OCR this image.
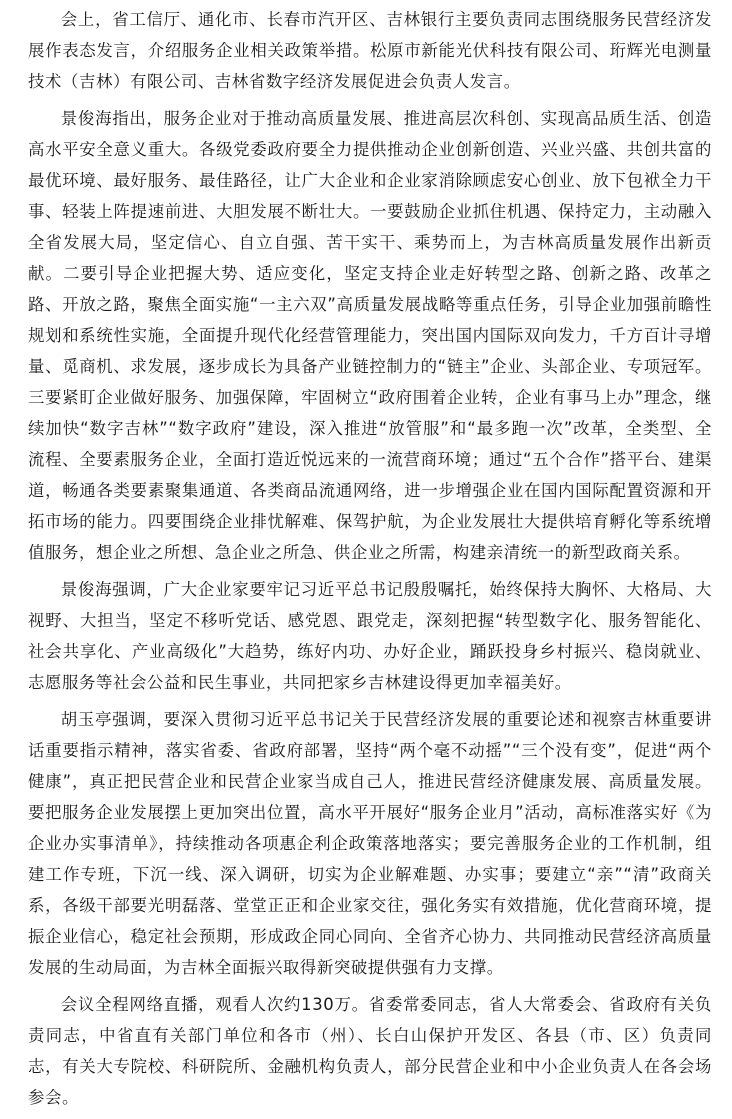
会上，省工信厅、通化市、长春市汽开区、吉林银行主要负责同志围绕服务民营经济发展作表态发言，介绍服务企业相关政策举措。松原市新能光伏科技有限公司、珩辉光电测量技术（吉林）有限公司、吉林省数字经济发展促进会负责人发言。

景俊海指出，服务企业对于推动高质量发展、推进高层次科创、实现高品质生活、创造高水平安全意义重大。各级党委政府要全力提供推动企业创新创造、兴业兴盛、共创共富的最优环境、最好服务、最佳路径，让广大企业和企业家消除顾虑安心创业、放下包袱全力干事、轻装上阵提速前进、大胆发展不断壮大。一要鼓励企业抓住机遇、保持定力，主动融入全省发展大局，坚定信心、自立自强、苦干实干、乘势而上，为吉林高质量发展作出新贡献。二要引导企业把握大势、适应变化，坚定支持企业走好转型之路、创新之路、改革之路、开放之路，聚焦全面实施“一主六双”高质量发展战略等重点任务，引导企业加强前瞻性规划和系统性实施，全面提升现代化经营管理能力，突出国内国际双向发力，千方百计寻增量、觅商机、求发展，逐步成长为具备产业链控制力的“链主”企业、头部企业、专项冠军。三要紧盯企业做好服务、加强保障，牢固树立“政府围着企业转，企业有事马上办”理念，继续加快“数字吉林”“数字政府”建设，深入推进“放管服”和“最多跑一次”改革，全类型、全流程、全要素服务企业，全面打造近悦远来的一流营商环境；通过“五个合作”搭平台、建渠道，畅通各类要素聚集通道、各类商品流通网络，进一步增强企业在国内国际配置资源和开拓市场的能力。四要围绕企业排忧解难、保驾护航，为企业发展壮大提供培育孵化等系统增值服务，想企业之所想、急企业之所急、供企业之所需，构建亲清统一的新型政商关系。

景俊海强调，广大企业家要牢记习近平总书记殷殷嘱托，始终保持大胸怀、大格局、大视野、大担当，坚定不移听党话、感党恩、跟党走，深刻把握“转型数字化、服务智能化、社会共享化、产业高级化”大趋势，练好内功、办好企业，踊跃投身乡村振兴、稳岗就业、志愿服务等社会公益和民生事业，共同把家乡吉林建设得更加幸福美好。

胡玉亭强调，要深入贯彻习近平总书记关于民营经济发展的重要论述和视察吉林重要讲话重要指示精神，落实省委、省政府部署，坚持“两个毫不动摇”“三个没有变”，促进“两个健康”，真正把民营企业和民营企业家当成自己人，推进民营经济健康发展、高质量发展。要把服务企业发展摆上更加突出位置，高水平开展好“服务企业月”活动，高标准落实好《为企业办实事清单》，持续推动各项惠企利企政策落地落实；要完善服务企业的工作机制，组建工作专班，下沉一线、深入调研，切实为企业解难题、办实事；要建立“亲”“清”政商关系，各级干部要光明磊落、堂堂正正和企业家交往，强化务实有效措施，优化营商环境，提振企业信心，稳定社会预期，形成政企同心同向、全省齐心协力、共同推动民营经济高质量发展的生动局面，为吉林全面振兴取得新突破提供强有力支撑。

会议全程网络直播，观看人次约130万。省委常委同志，省人大常委会、省政府有关负责同志，中省直有关部门单位和各市（州）、长白山保护开发区、各县（市、区）负责同志，有关大专院校、科研院所、金融机构负责人，部分民营企业和中小企业负责人在各会场参会。
